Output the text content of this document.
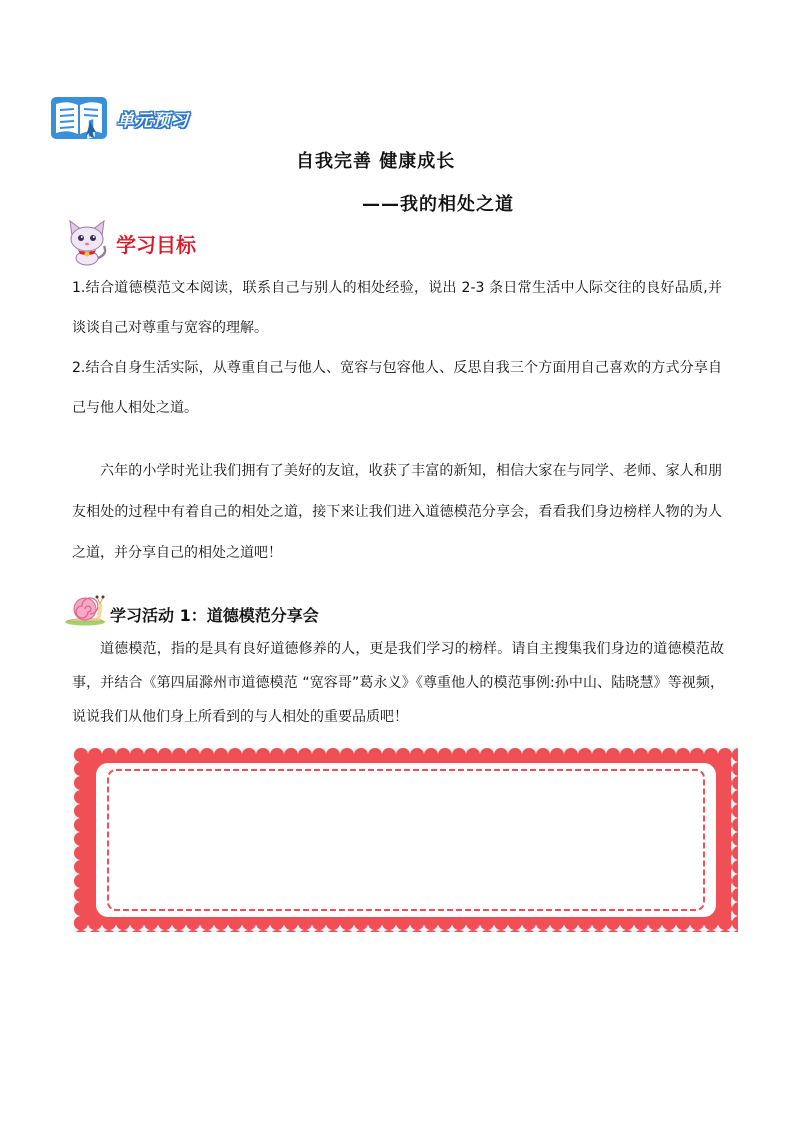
单元预习
自我完善 健康成长
——我的相处之道
学习目标

1.结合道德模范文本阅读，联系自己与别人的相处经验，说出 2-3 条日常生活中人际交往的良好品质,并谈谈自己对尊重与宽容的理解。

2.结合自身生活实际，从尊重自己与他人、宽容与包容他人、反思自我三个方面用自己喜欢的方式分享自己与他人相处之道。

六年的小学时光让我们拥有了美好的友谊，收获了丰富的新知，相信大家在与同学、老师、家人和朋友相处的过程中有着自己的相处之道，接下来让我们进入道德模范分享会，看看我们身边榜样人物的为人之道，并分享自己的相处之道吧！

学习活动 1：道德模范分享会

道德模范，指的是具有良好道德修养的人，更是我们学习的榜样。请自主搜集我们身边的道德模范故事，并结合《第四届滁州市道德模范 “宽容哥”葛永义》《尊重他人的模范事例:孙中山、陆晓慧》等视频，说说我们从他们身上所看到的与人相处的重要品质吧！
